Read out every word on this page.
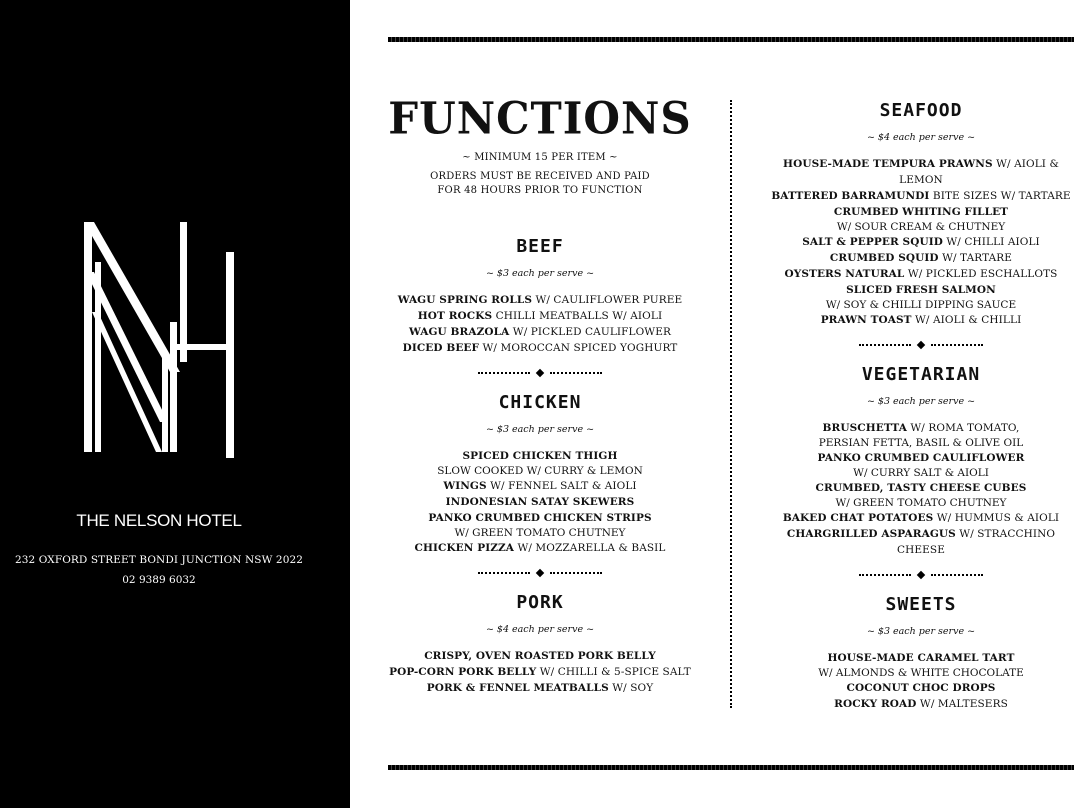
THE NELSON HOTEL
232 OXFORD STREET BONDI JUNCTION NSW 2022
02 9389 6032
FUNCTIONS
~ MINIMUM 15 PER ITEM ~
ORDERS MUST BE RECEIVED AND PAID
FOR 48 HOURS PRIOR TO FUNCTION
BEEF
~ $3 each per serve ~
WAGU SPRING ROLLS W/ CAULIFLOWER PUREE
HOT ROCKS CHILLI MEATBALLS W/ AIOLI
WAGU BRAZOLA W/ PICKLED CAULIFLOWER
DICED BEEF W/ MOROCCAN SPICED YOGHURT
CHICKEN
~ $3 each per serve ~
SPICED CHICKEN THIGH
SLOW COOKED W/ CURRY & LEMON
WINGS W/ FENNEL SALT & AIOLI
INDONESIAN SATAY SKEWERS
PANKO CRUMBED CHICKEN STRIPS
W/ GREEN TOMATO CHUTNEY
CHICKEN PIZZA W/ MOZZARELLA & BASIL
PORK
~ $4 each per serve ~
CRISPY, OVEN ROASTED PORK BELLY
POP-CORN PORK BELLY W/ CHILLI & 5-SPICE SALT
PORK & FENNEL MEATBALLS W/ SOY
SEAFOOD
~ $4 each per serve ~
HOUSE-MADE TEMPURA PRAWNS W/ AIOLI & LEMON
BATTERED BARRAMUNDI BITE SIZES W/ TARTARE
CRUMBED WHITING FILLET
W/ SOUR CREAM & CHUTNEY
SALT & PEPPER SQUID W/ CHILLI AIOLI
CRUMBED SQUID W/ TARTARE
OYSTERS NATURAL W/ PICKLED ESCHALLOTS
SLICED FRESH SALMON
W/ SOY & CHILLI DIPPING SAUCE
PRAWN TOAST W/ AIOLI & CHILLI
VEGETARIAN
~ $3 each per serve ~
BRUSCHETTA W/ ROMA TOMATO,
PERSIAN FETTA, BASIL & OLIVE OIL
PANKO CRUMBED CAULIFLOWER
W/ CURRY SALT & AIOLI
CRUMBED, TASTY CHEESE CUBES
W/ GREEN TOMATO CHUTNEY
BAKED CHAT POTATOES W/ HUMMUS & AIOLI
CHARGRILLED ASPARAGUS W/ STRACCHINO CHEESE
SWEETS
~ $3 each per serve ~
HOUSE-MADE CARAMEL TART
W/ ALMONDS & WHITE CHOCOLATE
COCONUT CHOC DROPS
ROCKY ROAD W/ MALTESERS
